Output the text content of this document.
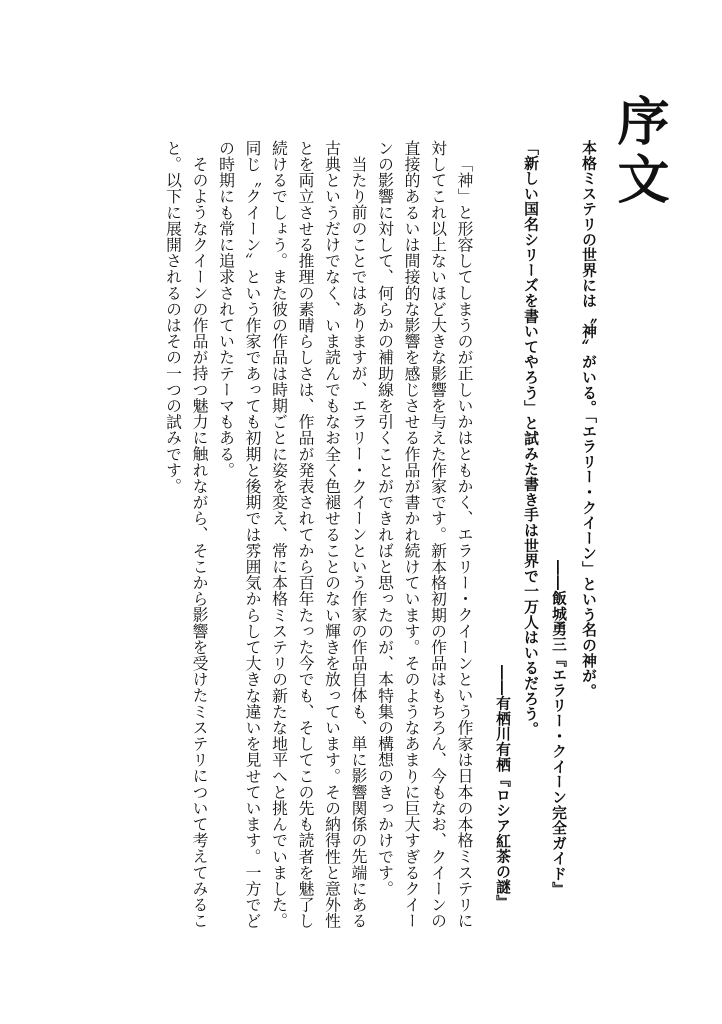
序文
本格ミステリの世界には〝神〟がいる。「エラリー・クイーン」という名の神が。
――飯城勇三『エラリー・クイーン完全ガイド』
「新しい国名シリーズを書いてやろう」と試みた書き手は世界で一万人はいるだろう。
――有栖川有栖『ロシア紅茶の謎』

「神」と形容してしまうのが正しいかはともかく、エラリー・クイーンという作家は日本の本格ミステリに対してこれ以上ないほど大きな影響を与えた作家です。新本格初期の作品はもちろん、今もなお、クイーンの直接的あるいは間接的な影響を感じさせる作品が書かれ続けています。そのようなあまりに巨大すぎるクイーンの影響に対して、何らかの補助線を引くことができればと思ったのが、本特集の構想のきっかけです。

当たり前のことではありますが、エラリー・クイーンという作家の作品自体も、単に影響関係の先端にある古典というだけでなく、いま読んでもなお全く色褪せることのない輝きを放っています。その納得性と意外性とを両立させる推理の素晴らしさは、作品が発表されてから百年たった今でも、そしてこの先も読者を魅了し続けるでしょう。また彼の作品は時期ごとに姿を変え、常に本格ミステリの新たな地平へと挑んでいました。同じ〝クイーン〟という作家であっても初期と後期では雰囲気からして大きな違いを見せています。一方でどの時期にも常に追求されていたテーマもある。

そのようなクイーンの作品が持つ魅力に触れながら、そこから影響を受けたミステリについて考えてみること。以下に展開されるのはその一つの試みです。
